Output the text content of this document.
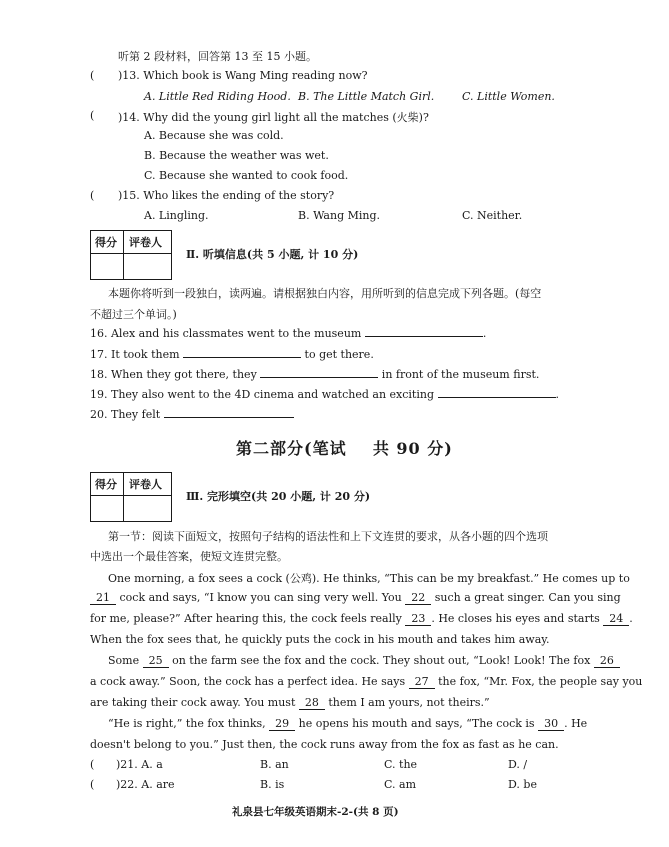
听第 2 段材料，回答第 13 至 15 小题。
( )13. Which book is Wang Ming reading now?
A. Little Red Riding Hood. B. The Little Match Girl.	C. Little Women.
( )14. Why did the young girl light all the matches (火柴)?
A. Because she was cold.
B. Because the weather was wet.
C. Because she wanted to cook food.
( )15. Who likes the ending of the story?
A. Lingling.	B. Wang Ming.	C. Neither.
得分 评卷人
Ⅱ. 听填信息(共 5 小题, 计 10 分)
本题你将听到一段独白，读两遍。请根据独白内容，用所听到的信息完成下列各题。(每空
不超过三个单词。)
16. Alex and his classmates went to the museum	.
17. It took them	to get there.
18. When they got there, they	in front of the museum first.
19. They also went to the 4D cinema and watched an exciting	.
20. They felt
第二部分(笔试    共 90 分)
得分 评卷人
Ⅲ. 完形填空(共 20 小题, 计 20 分)
第一节：阅读下面短文，按照句子结构的语法性和上下文连贯的要求，从各小题的四个选项
中选出一个最佳答案，使短文连贯完整。
One morning, a fox sees a cock (公鸡). He thinks, “This can be my breakfast.” He comes up to
21 cock and says, “I know you can sing very well. You 22 such a great singer. Can you sing
for me, please?” After hearing this, the cock feels really 23 . He closes his eyes and starts 24 .
When the fox sees that, he quickly puts the cock in his mouth and takes him away.
Some 25 on the farm see the fox and the cock. They shout out, “Look! Look! The fox 26
a cock away.” Soon, the cock has a perfect idea. He says 27 the fox, “Mr. Fox, the people say you
are taking their cock away. You must 28 them I am yours, not theirs.”
“He is right,” the fox thinks, 29 he opens his mouth and says, “The cock is 30 . He
doesn't belong to you.” Just then, the cock runs away from the fox as fast as he can.
( )21. A. a	B. an	C. the	D. /
( )22. A. are	B. is	C. am	D. be
礼泉县七年级英语期末-2-(共 8 页)
